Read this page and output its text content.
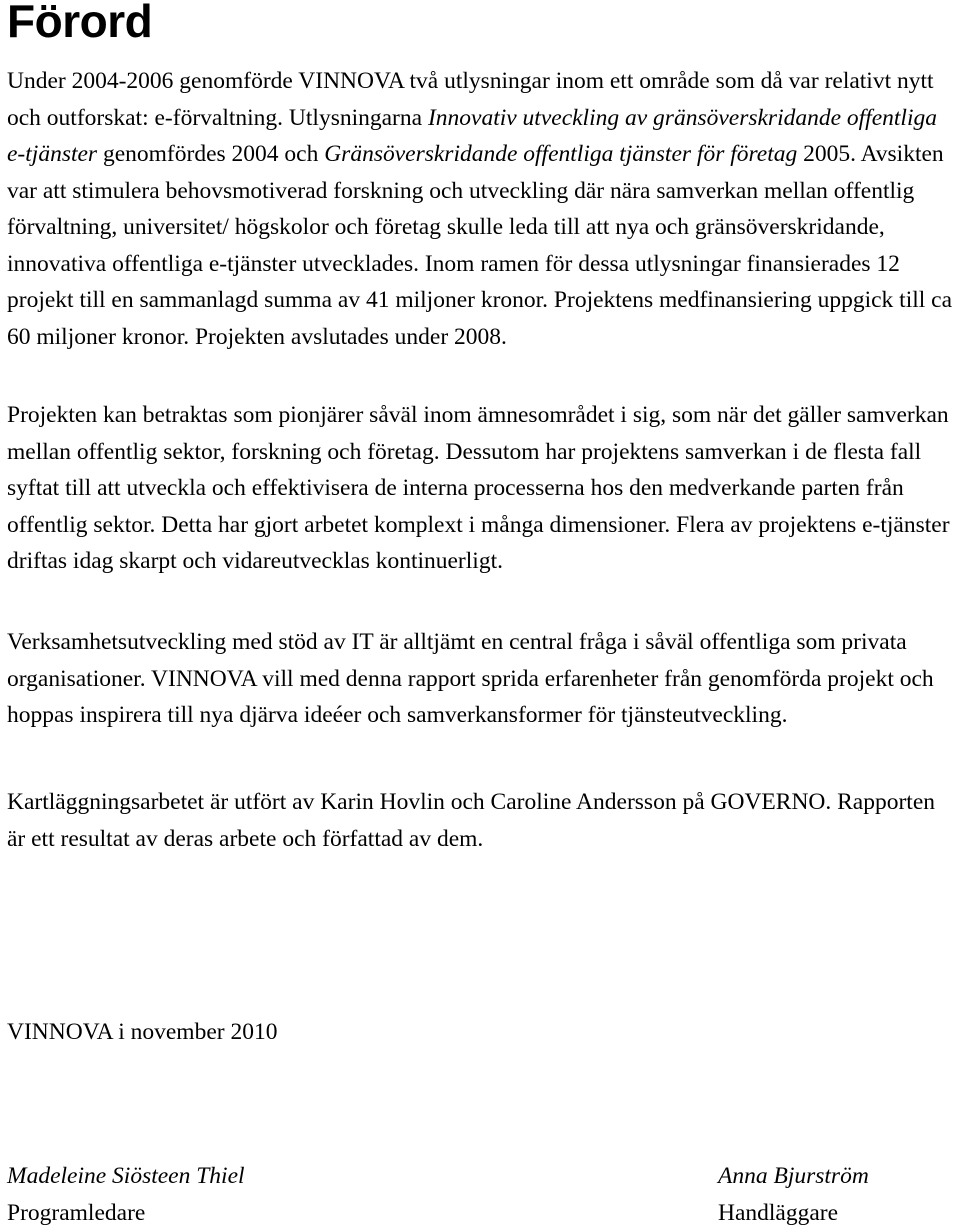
Förord

Under 2004-2006 genomförde VINNOVA två utlysningar inom ett område som då var relativt nytt och outforskat: e-förvaltning. Utlysningarna Innovativ utveckling av gränsöverskridande offentliga e-tjänster genomfördes 2004 och Gränsöverskridande offentliga tjänster för företag 2005. Avsikten var att stimulera behovsmotiverad forskning och utveckling där nära samverkan mellan offentlig förvaltning, universitet/ högskolor och företag skulle leda till att nya och gränsöverskridande, innovativa offentliga e-tjänster utvecklades. Inom ramen för dessa utlysningar finansierades 12 projekt till en sammanlagd summa av 41 miljoner kronor. Projektens medfinansiering uppgick till ca 60 miljoner kronor. Projekten avslutades under 2008.

Projekten kan betraktas som pionjärer såväl inom ämnesområdet i sig, som när det gäller samverkan mellan offentlig sektor, forskning och företag. Dessutom har projektens samverkan i de flesta fall syftat till att utveckla och effektivisera de interna processerna hos den medverkande parten från offentlig sektor. Detta har gjort arbetet komplext i många dimensioner. Flera av projektens e-tjänster driftas idag skarpt och vidareutvecklas kontinuerligt.

Verksamhetsutveckling med stöd av IT är alltjämt en central fråga i såväl offentliga som privata organisationer. VINNOVA vill med denna rapport sprida erfarenheter från genomförda projekt och hoppas inspirera till nya djärva ideéer och samverkansformer för tjänsteutveckling.

Kartläggningsarbetet är utfört av Karin Hovlin och Caroline Andersson på GOVERNO. Rapporten är ett resultat av deras arbete och författad av dem.

VINNOVA i november 2010

Madeleine Siösteen Thiel
Programledare
Anna Bjurström
Handläggare
